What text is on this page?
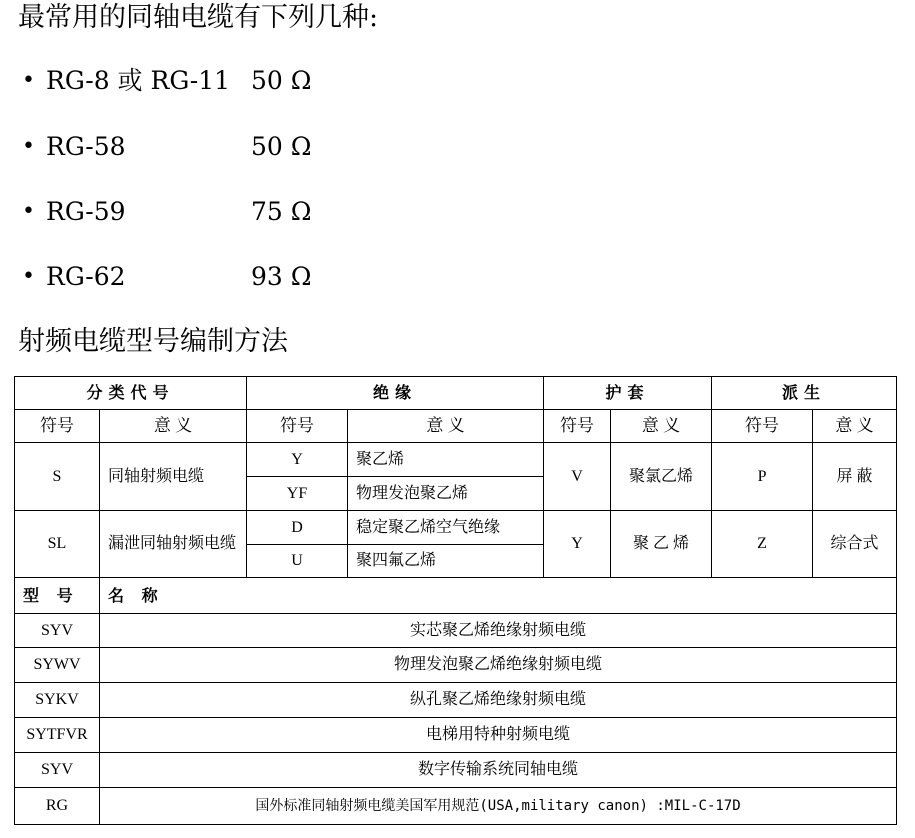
最常用的同轴电缆有下列几种:
• RG-8 或 RG-11 50 Ω
• RG-58	50 Ω
• RG-59	75 Ω
• RG-62	93 Ω
射频电缆型号编制方法
分类代号		绝缘		护套		派生	
符号	意 义	符号	意 义	符号	意 义	符号	意 义
S	同轴射频电缆	Y	聚乙烯	V	聚氯乙烯	P	屏 蔽
		YF	物理发泡聚乙烯				
SL	漏泄同轴射频电缆	D	稳定聚乙烯空气绝缘	Y	聚 乙 烯	Z	综合式
		U	聚四氟乙烯				
型 号	名 称						
SYV	实芯聚乙烯绝缘射频电缆						
SYWV	物理发泡聚乙烯绝缘射频电缆						
SYKV	纵孔聚乙烯绝缘射频电缆						
SYTFVR	电梯用特种射频电缆						
SYV	数字传输系统同轴电缆						
RG	国外标准同轴射频电缆美国军用规范(USA,military canon) :MIL-C-17D						
